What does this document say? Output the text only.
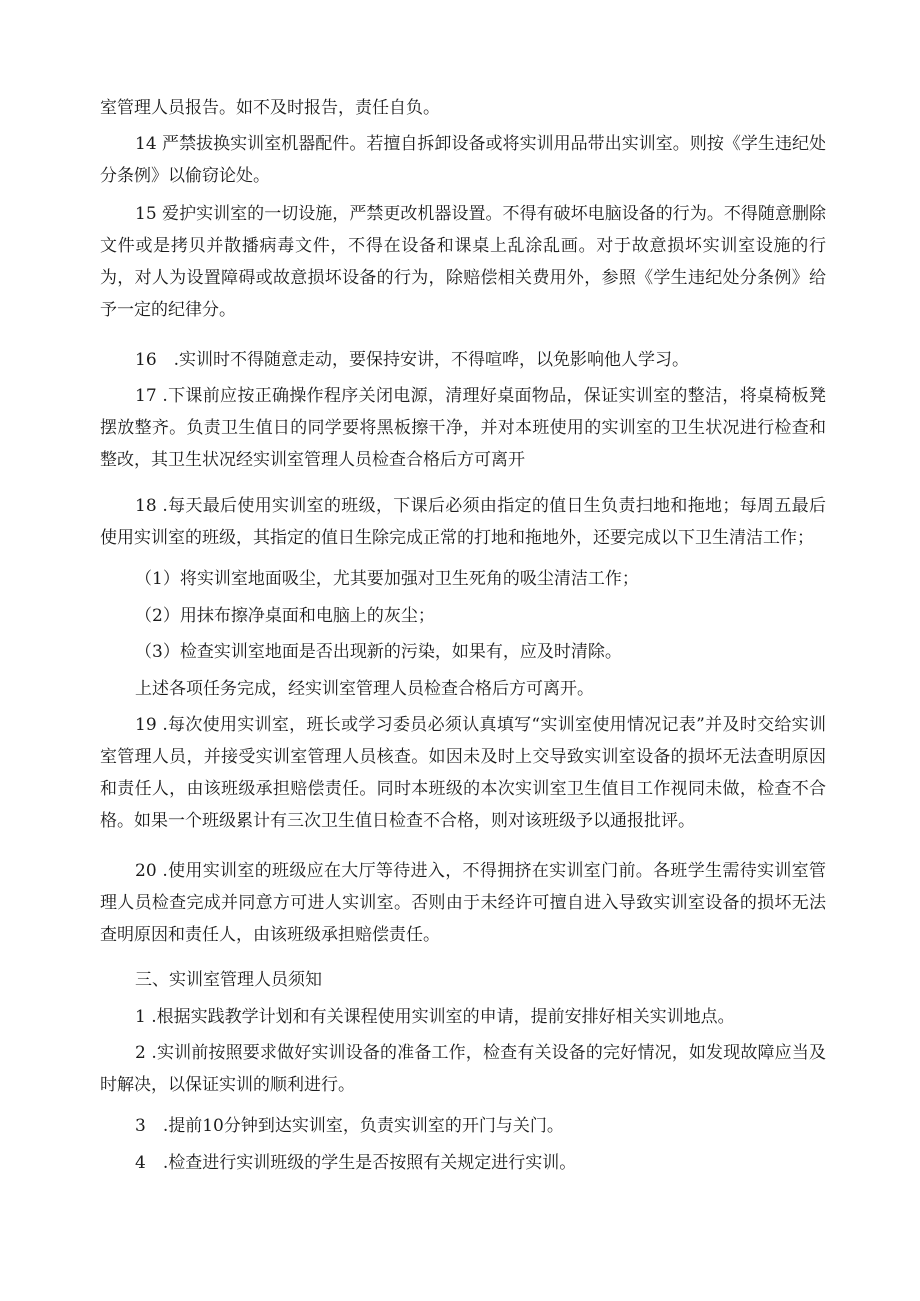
室管理人员报告。如不及时报告，责任自负。

14 严禁拔换实训室机器配件。若擅自拆卸设备或将实训用品带出实训室。则按《学生违纪处分条例》以偷窃论处。

15 爱护实训室的一切设施，严禁更改机器设置。不得有破坏电脑设备的行为。不得随意删除文件或是拷贝并散播病毒文件，不得在设备和课桌上乱涂乱画。对于故意损坏实训室设施的行为，对人为设置障碍或故意损坏设备的行为，除赔偿相关费用外，参照《学生违纪处分条例》给予一定的纪律分。

16　.实训时不得随意走动，要保持安讲，不得喧哗，以免影响他人学习。

17 .下课前应按正确操作程序关闭电源，清理好桌面物品，保证实训室的整洁，将桌椅板凳摆放整齐。负责卫生值日的同学要将黑板擦干净，并对本班使用的实训室的卫生状况进行检查和整改，其卫生状况经实训室管理人员检查合格后方可离开

18 .每天最后使用实训室的班级，下课后必须由指定的值日生负责扫地和拖地；每周五最后使用实训室的班级，其指定的值日生除完成正常的打地和拖地外，还要完成以下卫生清洁工作；

（1）将实训室地面吸尘，尤其要加强对卫生死角的吸尘清洁工作；

（2）用抹布擦净桌面和电脑上的灰尘；

（3）检查实训室地面是否出现新的污染，如果有，应及时清除。

上述各项任务完成，经实训室管理人员检查合格后方可离开。

19 .每次使用实训室，班长或学习委员必须认真填写“实训室使用情况记表”并及时交给实训室管理人员，并接受实训室管理人员核查。如因未及时上交导致实训室设备的损坏无法查明原因和责任人，由该班级承担赔偿责任。同时本班级的本次实训室卫生值目工作视同未做，检查不合格。如果一个班级累计有三次卫生值日检查不合格，则对该班级予以通报批评。

20 .使用实训室的班级应在大厅等待进入，不得拥挤在实训室门前。各班学生需待实训室管理人员检查完成并同意方可进人实训室。否则由于未经许可擅自进入导致实训室设备的损坏无法查明原因和责任人，由该班级承担赔偿责任。

三、实训室管理人员须知

1 .根据实践教学计划和有关课程使用实训室的申请，提前安排好相关实训地点。

2 .实训前按照要求做好实训设备的准备工作，检查有关设备的完好情况，如发现故障应当及时解决，以保证实训的顺利进行。

3　.提前10分钟到达实训室，负责实训室的开门与关门。

4　.检查进行实训班级的学生是否按照有关规定进行实训。
